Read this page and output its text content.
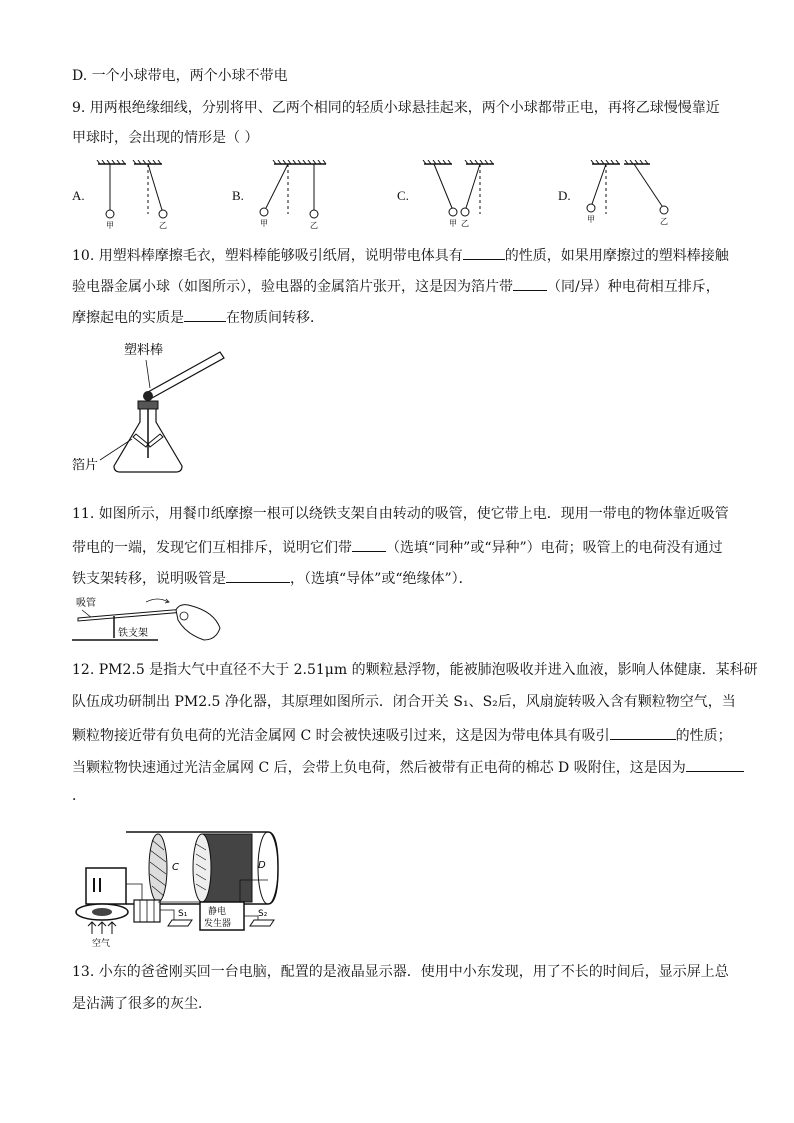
D. 一个小球带电，两个小球不带电
9. 用两根绝缘细线，分别将甲、乙两个相同的轻质小球悬挂起来，两个小球都带正电，再将乙球慢慢靠近
甲球时，会出现的情形是（ ）
A.	B.	C.	D.
甲	乙	甲	乙	甲 乙	甲	乙
10. 用塑料棒摩擦毛衣，塑料棒能够吸引纸屑，说明带电体具有	的性质，如果用摩擦过的塑料棒接触
验电器金属小球（如图所示），验电器的金属箔片张开，这是因为箔片带 （同/异）种电荷相互排斥，
摩擦起电的实质是	在物质间转移．
塑料棒
箔片
11. 如图所示，用餐巾纸摩擦一根可以绕铁支架自由转动的吸管，使它带上电．现用一带电的物体靠近吸管
带电的一端，发现它们互相排斥，说明它们带 （选填“同种”或“异种”）电荷；吸管上的电荷没有通过
铁支架转移，说明吸管是	，（选填“导体”或“绝缘体”）．
吸管
铁支架
12. PM2.5 是指大气中直径不大于 2.51μm 的颗粒悬浮物，能被肺泡吸收并进入血液，影响人体健康．某科研
队伍成功研制出 PM2.5 净化器，其原理如图所示．闭合开关 S₁、S₂后，风扇旋转吸入含有颗粒物空气，当
颗粒物接近带有负电荷的光洁金属网 C 时会被快速吸引过来，这是因为带电体具有吸引	的性质；
当颗粒物快速通过光洁金属网 C 后，会带上负电荷，然后被带有正电荷的棉芯 D 吸附住，这是因为
．
C	D
空气
S₁ 静电
发生器
S₂
13. 小东的爸爸刚买回一台电脑，配置的是液晶显示器．使用中小东发现，用了不长的时间后，显示屏上总
是沾满了很多的灰尘．
